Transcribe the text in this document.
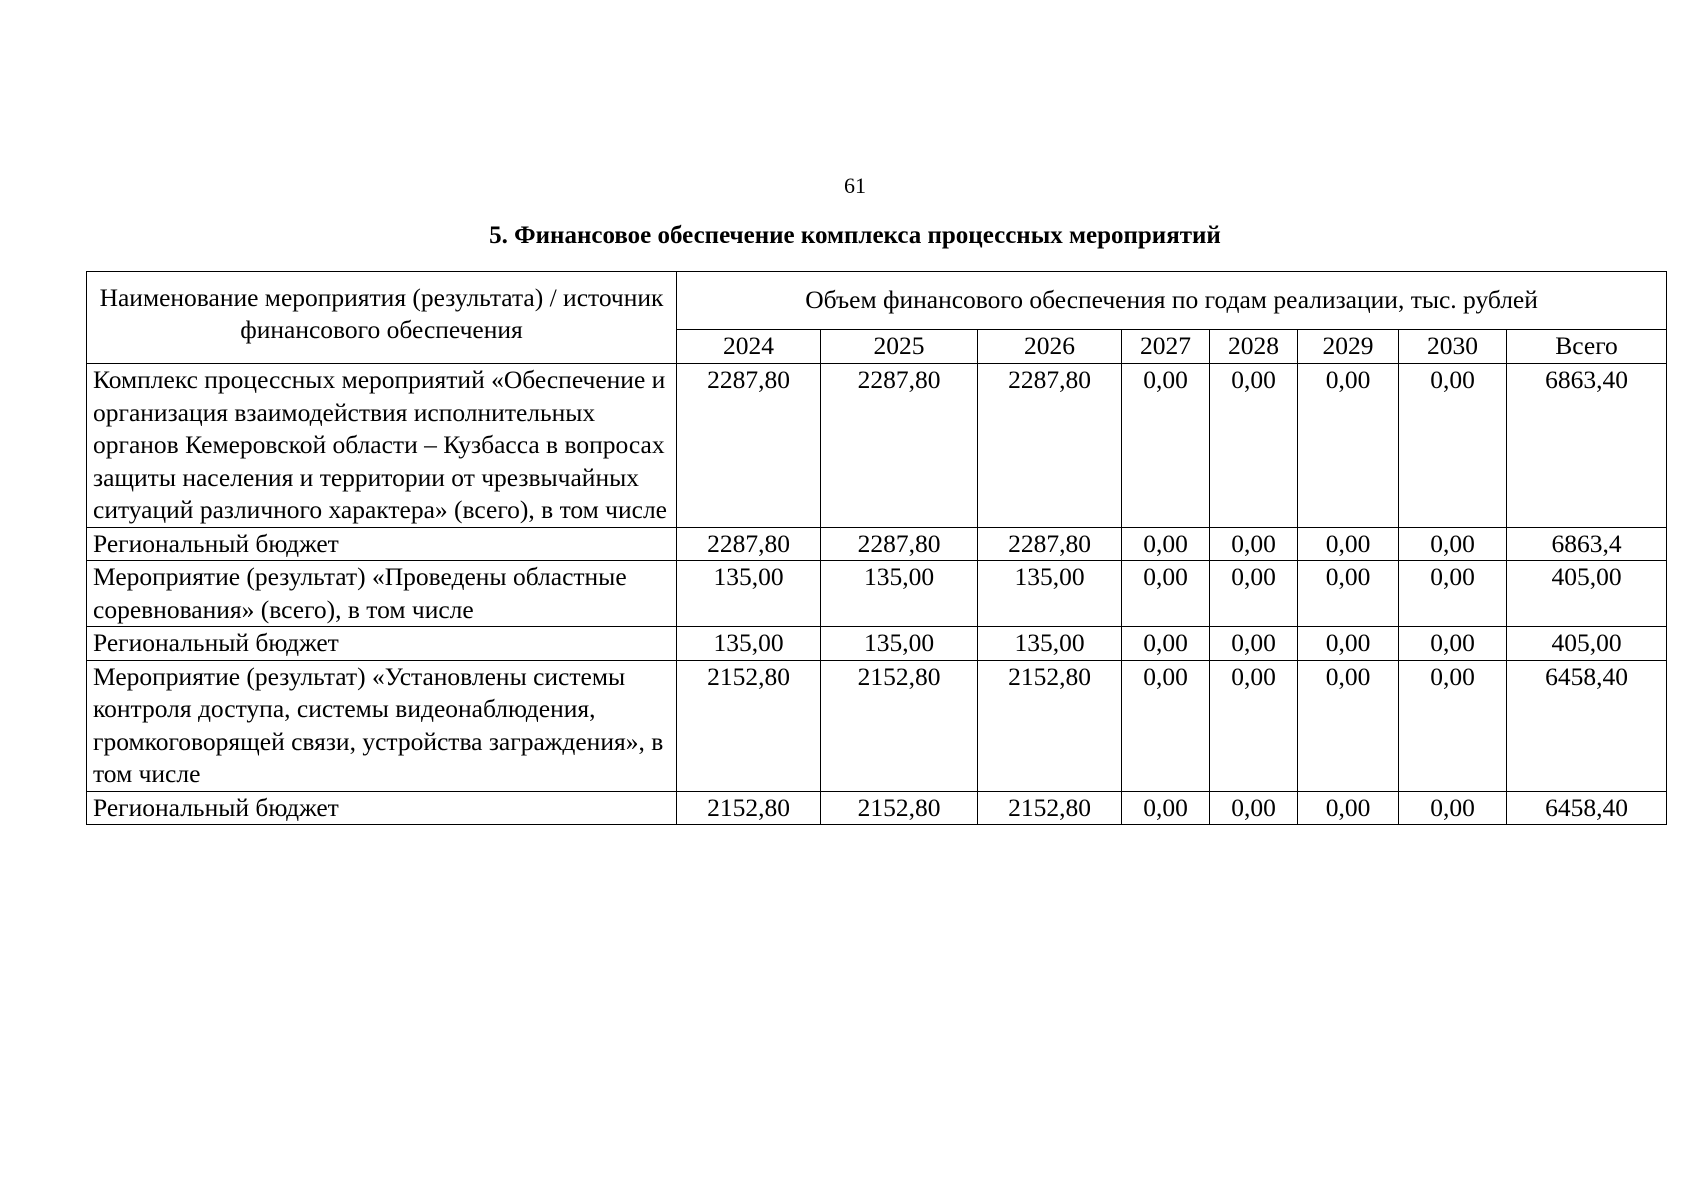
61
5. Финансовое обеспечение комплекса процессных мероприятий
Наименование мероприятия (результата) / источник финансового обеспечения	Объем финансового обеспечения по годам реализации, тыс. рублей							
	2024	2025	2026	2027	2028	2029	2030	Всего
Комплекс процессных мероприятий «Обеспечение и организация взаимодействия исполнительных органов Кемеровской области – Кузбасса в вопросах защиты населения и территории от чрезвычайных ситуаций различного характера» (всего), в том числе	2287,80	2287,80	2287,80	0,00	0,00	0,00	0,00	6863,40
Региональный бюджет	2287,80	2287,80	2287,80	0,00	0,00	0,00	0,00	6863,4
Мероприятие (результат) «Проведены областные соревнования» (всего), в том числе	135,00	135,00	135,00	0,00	0,00	0,00	0,00	405,00
Региональный бюджет	135,00	135,00	135,00	0,00	0,00	0,00	0,00	405,00
Мероприятие (результат) «Установлены системы контроля доступа, системы видеонаблюдения, громкоговорящей связи, устройства заграждения», в том числе	2152,80	2152,80	2152,80	0,00	0,00	0,00	0,00	6458,40
Региональный бюджет	2152,80	2152,80	2152,80	0,00	0,00	0,00	0,00	6458,40
